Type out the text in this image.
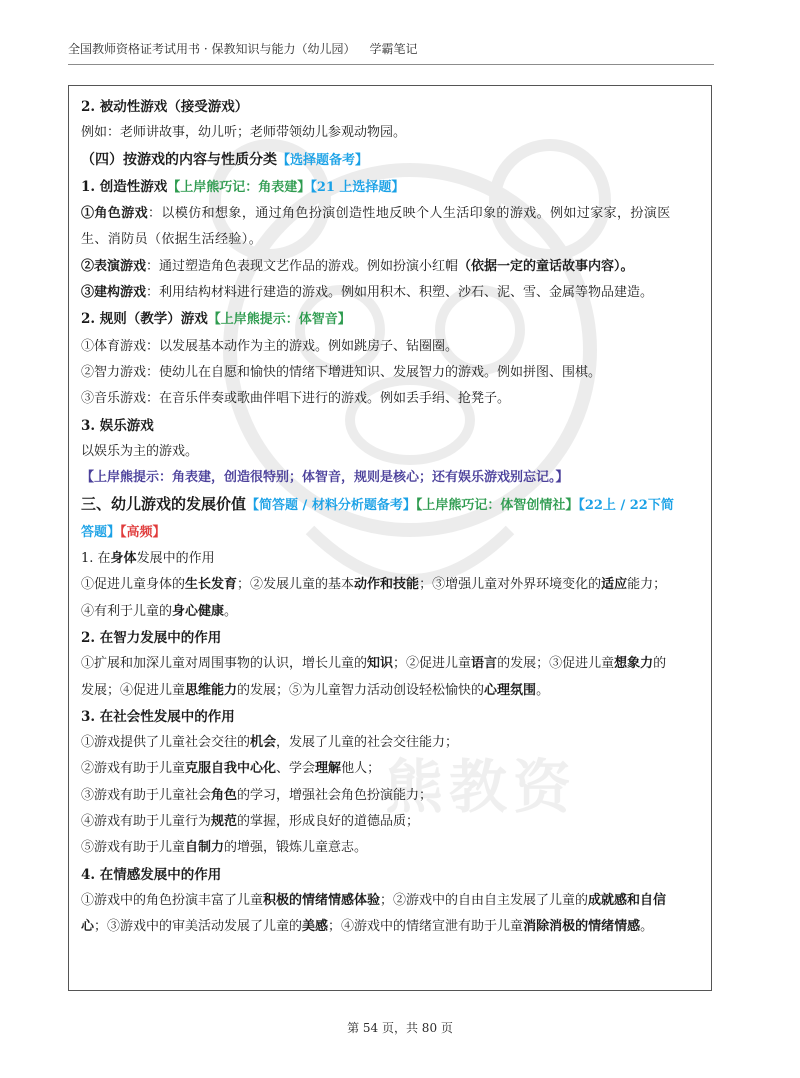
全国教师资格证考试用书 · 保教知识与能力（幼儿园） 学霸笔记
2. 被动性游戏（接受游戏）
例如：老师讲故事，幼儿听；老师带领幼儿参观动物园。
（四）按游戏的内容与性质分类【选择题备考】
1. 创造性游戏【上岸熊巧记：角表建】【21 上选择题】
①角色游戏：以模仿和想象，通过角色扮演创造性地反映个人生活印象的游戏。例如过家家，扮演医
生、消防员（依据生活经验）。
②表演游戏：通过塑造角色表现文艺作品的游戏。例如扮演小红帽（依据一定的童话故事内容）。
③建构游戏：利用结构材料进行建造的游戏。例如用积木、积塑、沙石、泥、雪、金属等物品建造。
2. 规则（教学）游戏【上岸熊提示：体智音】
①体育游戏：以发展基本动作为主的游戏。例如跳房子、钻圈圈。
②智力游戏：使幼儿在自愿和愉快的情绪下增进知识、发展智力的游戏。例如拼图、围棋。
③音乐游戏：在音乐伴奏或歌曲伴唱下进行的游戏。例如丢手绢、抢凳子。
3. 娱乐游戏
以娱乐为主的游戏。
【上岸熊提示：角表建，创造很特别；体智音，规则是核心；还有娱乐游戏别忘记。】
三、幼儿游戏的发展价值【简答题 / 材料分析题备考】【上岸熊巧记：体智创情社】【22上 / 22下简
答题】【高频】
1. 在身体发展中的作用
①促进儿童身体的生长发育；②发展儿童的基本动作和技能；③增强儿童对外界环境变化的适应能力；
④有利于儿童的身心健康。
2. 在智力发展中的作用
①扩展和加深儿童对周围事物的认识，增长儿童的知识；②促进儿童语言的发展；③促进儿童想象力的
发展；④促进儿童思维能力的发展；⑤为儿童智力活动创设轻松愉快的心理氛围。
3. 在社会性发展中的作用
①游戏提供了儿童社会交往的机会，发展了儿童的社会交往能力；
②游戏有助于儿童克服自我中心化、学会理解他人；
③游戏有助于儿童社会角色的学习，增强社会角色扮演能力；
④游戏有助于儿童行为规范的掌握，形成良好的道德品质；
⑤游戏有助于儿童自制力的增强，锻炼儿童意志。
4. 在情感发展中的作用
①游戏中的角色扮演丰富了儿童积极的情绪情感体验；②游戏中的自由自主发展了儿童的成就感和自信
心；③游戏中的审美活动发展了儿童的美感；④游戏中的情绪宣泄有助于儿童消除消极的情绪情感。
熊教资
第 54 页，共 80 页
